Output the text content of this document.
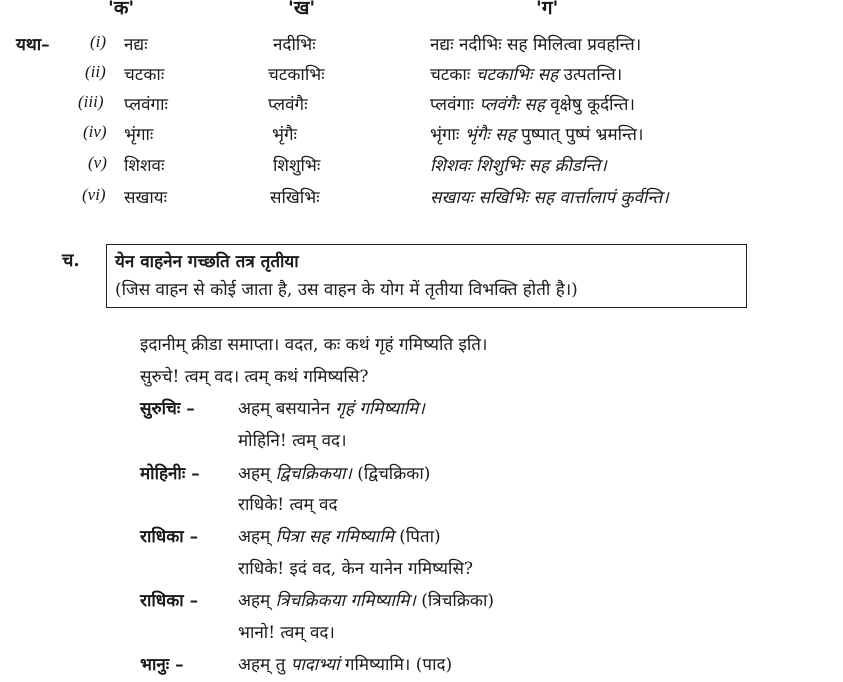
'क'	'ख'	'ग'
यथा– (i) नद्यः	नदीभिः	नद्यः नदीभिः सह मिलित्वा प्रवहन्ति।
(ii) चटकाः	चटकाभिः	चटकाः चटकाभिः सह उत्पतन्ति।
(iii) प्लवंगाः	प्लवंगैः	प्लवंगाः प्लवंगैः सह वृक्षेषु कूर्दन्ति।
(iv) भृंगाः	भृंगैः	भृंगाः भृंगैः सह पुष्पात् पुष्पं भ्रमन्ति।
(v) शिशवः	शिशुभिः	शिशवः शिशुभिः सह क्रीडन्ति।
(vi) सखायः	सखिभिः	सखायः सखिभिः सह वार्त्तालापं कुर्वन्ति।
च. येन वाहनेन गच्छति तत्र तृतीया
(जिस वाहन से कोई जाता है, उस वाहन के योग में तृतीया विभक्ति होती है।)
इदानीम् क्रीडा समाप्ता। वदत, कः कथं गृहं गमिष्यति इति।
सुरुचे! त्वम् वद। त्वम् कथं गमिष्यसि?
सुरुचिः –	अहम् बसयानेन गृहं गमिष्यामि।
मोहिनि! त्वम् वद।
मोहिनीः – अहम् द्विचक्रिकया। (द्विचक्रिका)
राधिके! त्वम् वद
राधिका – अहम् पित्रा सह गमिष्यामि (पिता)
राधिके! इदं वद, केन यानेन गमिष्यसि?
राधिका – अहम् त्रिचक्रिकया गमिष्यामि। (त्रिचक्रिका)
भानो! त्वम् वद।
भानुः –	अहम् तु पादाभ्यां गमिष्यामि। (पाद)
